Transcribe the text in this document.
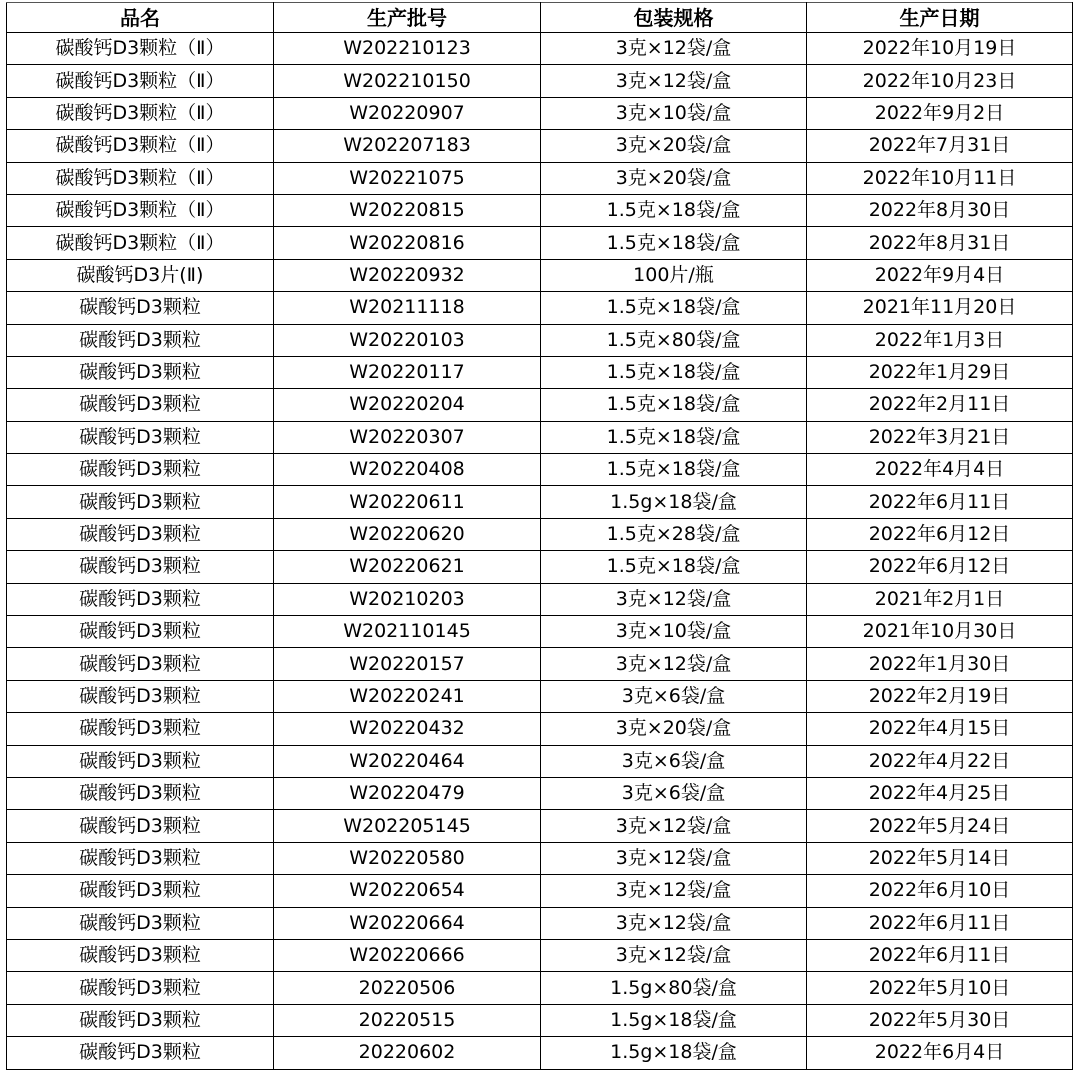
品名	生产批号	包装规格	生产日期
碳酸钙D3颗粒（Ⅱ）	W202210123	3克×12袋/盒	2022年10月19日
碳酸钙D3颗粒（Ⅱ）	W202210150	3克×12袋/盒	2022年10月23日
碳酸钙D3颗粒（Ⅱ）	W20220907	3克×10袋/盒	2022年9月2日
碳酸钙D3颗粒（Ⅱ）	W202207183	3克×20袋/盒	2022年7月31日
碳酸钙D3颗粒（Ⅱ）	W20221075	3克×20袋/盒	2022年10月11日
碳酸钙D3颗粒（Ⅱ）	W20220815	1.5克×18袋/盒	2022年8月30日
碳酸钙D3颗粒（Ⅱ）	W20220816	1.5克×18袋/盒	2022年8月31日
碳酸钙D3片(Ⅱ)	W20220932	100片/瓶	2022年9月4日
碳酸钙D3颗粒	W20211118	1.5克×18袋/盒	2021年11月20日
碳酸钙D3颗粒	W20220103	1.5克×80袋/盒	2022年1月3日
碳酸钙D3颗粒	W20220117	1.5克×18袋/盒	2022年1月29日
碳酸钙D3颗粒	W20220204	1.5克×18袋/盒	2022年2月11日
碳酸钙D3颗粒	W20220307	1.5克×18袋/盒	2022年3月21日
碳酸钙D3颗粒	W20220408	1.5克×18袋/盒	2022年4月4日
碳酸钙D3颗粒	W20220611	1.5g×18袋/盒	2022年6月11日
碳酸钙D3颗粒	W20220620	1.5克×28袋/盒	2022年6月12日
碳酸钙D3颗粒	W20220621	1.5克×18袋/盒	2022年6月12日
碳酸钙D3颗粒	W20210203	3克×12袋/盒	2021年2月1日
碳酸钙D3颗粒	W202110145	3克×10袋/盒	2021年10月30日
碳酸钙D3颗粒	W20220157	3克×12袋/盒	2022年1月30日
碳酸钙D3颗粒	W20220241	3克×6袋/盒	2022年2月19日
碳酸钙D3颗粒	W20220432	3克×20袋/盒	2022年4月15日
碳酸钙D3颗粒	W20220464	3克×6袋/盒	2022年4月22日
碳酸钙D3颗粒	W20220479	3克×6袋/盒	2022年4月25日
碳酸钙D3颗粒	W202205145	3克×12袋/盒	2022年5月24日
碳酸钙D3颗粒	W20220580	3克×12袋/盒	2022年5月14日
碳酸钙D3颗粒	W20220654	3克×12袋/盒	2022年6月10日
碳酸钙D3颗粒	W20220664	3克×12袋/盒	2022年6月11日
碳酸钙D3颗粒	W20220666	3克×12袋/盒	2022年6月11日
碳酸钙D3颗粒	20220506	1.5g×80袋/盒	2022年5月10日
碳酸钙D3颗粒	20220515	1.5g×18袋/盒	2022年5月30日
碳酸钙D3颗粒	20220602	1.5g×18袋/盒	2022年6月4日
